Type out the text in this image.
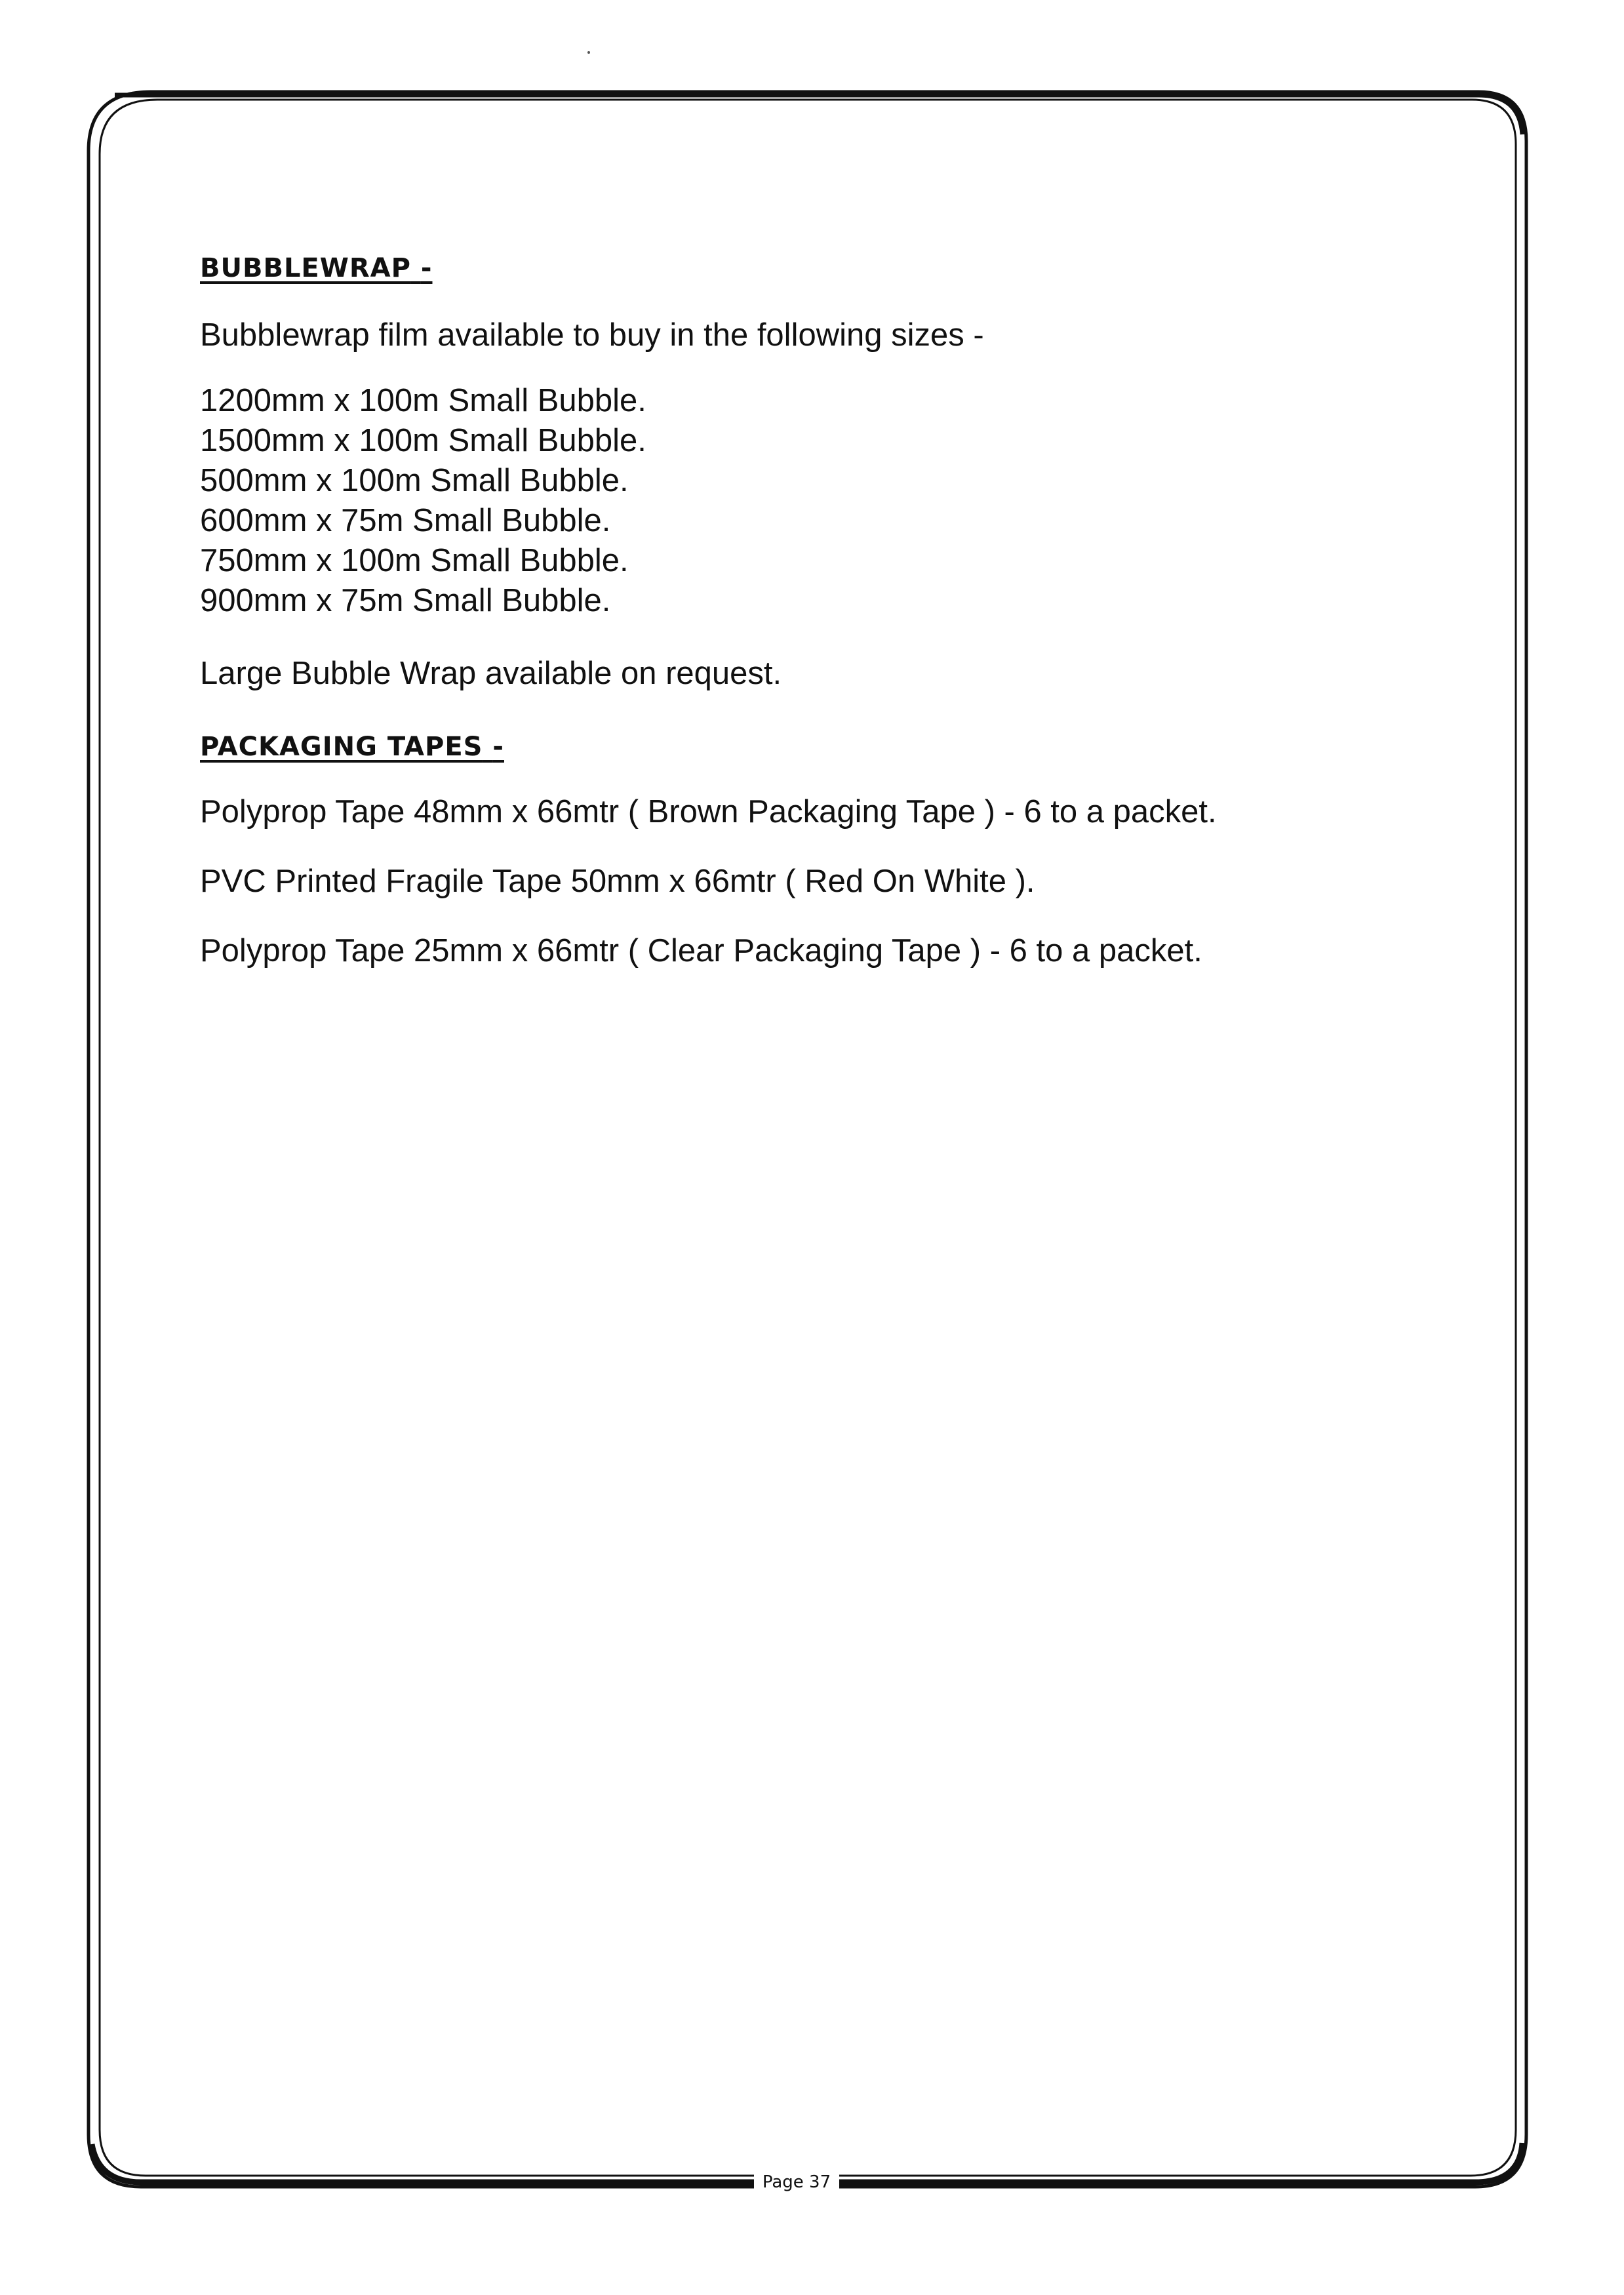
BUBBLEWRAP -

Bubblewrap film available to buy in the following sizes -

1200mm x 100m Small Bubble.
1500mm x 100m Small Bubble.
500mm x 100m Small Bubble.
600mm x 75m Small Bubble.
750mm x 100m Small Bubble.
900mm x 75m Small Bubble.

Large Bubble Wrap available on request.

PACKAGING TAPES -

Polyprop Tape 48mm x 66mtr ( Brown Packaging Tape ) - 6 to a packet.

PVC Printed Fragile Tape 50mm x 66mtr ( Red On White ).

Polyprop Tape 25mm x 66mtr ( Clear Packaging Tape ) - 6 to a packet.

Page 37
